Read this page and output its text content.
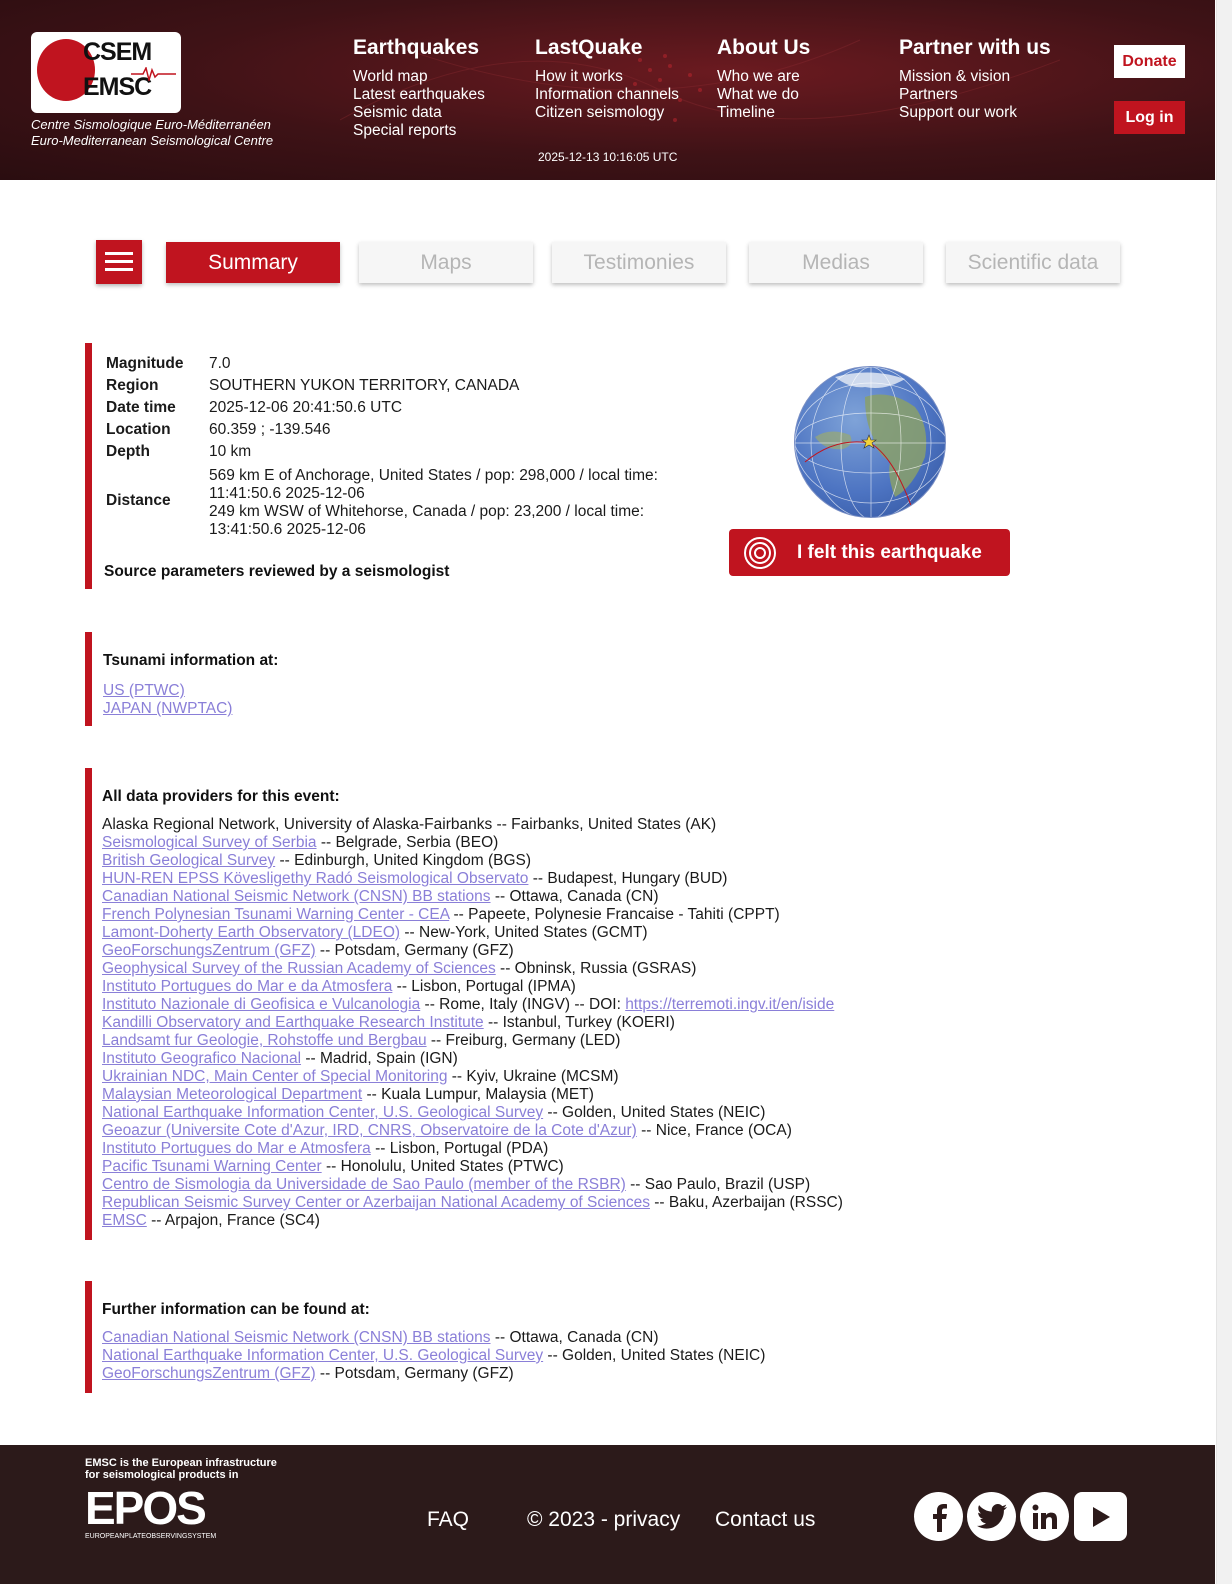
CSEM
EMSC
Centre Sismologique Euro-Méditerranéen
Euro-Mediterranean Seismological Centre
Earthquakes
World map
Latest earthquakes
Seismic data
Special reports
LastQuake
How it works
Information channels
Citizen seismology
About Us
Who we are
What we do
Timeline
Partner with us
Mission & vision
Partners
Support our work
2025-12-13 10:16:05 UTC
Donate
Log in
Summary	Maps	Testimonies	Medias	Scientific data
Magnitude 7.0
Region	SOUTHERN YUKON TERRITORY, CANADA
Date time 2025-12-06 20:41:50.6 UTC
Location 60.359 ; -139.546
Depth	10 km
Distance
569 km E of Anchorage, United States / pop: 298,000 / local time:
11:41:50.6 2025-12-06
249 km WSW of Whitehorse, Canada / pop: 23,200 / local time:
13:41:50.6 2025-12-06
Source parameters reviewed by a seismologist
I felt this earthquake
Tsunami information at:
US (PTWC)
JAPAN (NWPTAC)
All data providers for this event:
Alaska Regional Network, University of Alaska-Fairbanks -- Fairbanks, United States (AK)
Seismological Survey of Serbia -- Belgrade, Serbia (BEO)
British Geological Survey -- Edinburgh, United Kingdom (BGS)
HUN-REN EPSS Kövesligethy Radó Seismological Observato -- Budapest, Hungary (BUD)
Canadian National Seismic Network (CNSN) BB stations -- Ottawa, Canada (CN)
French Polynesian Tsunami Warning Center - CEA -- Papeete, Polynesie Francaise - Tahiti (CPPT)
Lamont-Doherty Earth Observatory (LDEO) -- New-York, United States (GCMT)
GeoForschungsZentrum (GFZ) -- Potsdam, Germany (GFZ)
Geophysical Survey of the Russian Academy of Sciences -- Obninsk, Russia (GSRAS)
Instituto Portugues do Mar e da Atmosfera -- Lisbon, Portugal (IPMA)
Instituto Nazionale di Geofisica e Vulcanologia -- Rome, Italy (INGV) -- DOI: https://terremoti.ingv.it/en/iside
Kandilli Observatory and Earthquake Research Institute -- Istanbul, Turkey (KOERI)
Landsamt fur Geologie, Rohstoffe und Bergbau -- Freiburg, Germany (LED)
Instituto Geografico Nacional -- Madrid, Spain (IGN)
Ukrainian NDC, Main Center of Special Monitoring -- Kyiv, Ukraine (MCSM)
Malaysian Meteorological Department -- Kuala Lumpur, Malaysia (MET)
National Earthquake Information Center, U.S. Geological Survey -- Golden, United States (NEIC)
Geoazur (Universite Cote d'Azur, IRD, CNRS, Observatoire de la Cote d'Azur) -- Nice, France (OCA)
Instituto Portugues do Mar e Atmosfera -- Lisbon, Portugal (PDA)
Pacific Tsunami Warning Center -- Honolulu, United States (PTWC)
Centro de Sismologia da Universidade de Sao Paulo (member of the RSBR) -- Sao Paulo, Brazil (USP)
Republican Seismic Survey Center or Azerbaijan National Academy of Sciences -- Baku, Azerbaijan (RSSC)
EMSC -- Arpajon, France (SC4)
Further information can be found at:
Canadian National Seismic Network (CNSN) BB stations -- Ottawa, Canada (CN)
National Earthquake Information Center, U.S. Geological Survey -- Golden, United States (NEIC)
GeoForschungsZentrum (GFZ) -- Potsdam, Germany (GFZ)
EMSC is the European infrastructure
for seismological products in
EPOS
EUROPEANPLATEOBSERVINGSYSTEM
FAQ	© 2023 - privacy Contact us
